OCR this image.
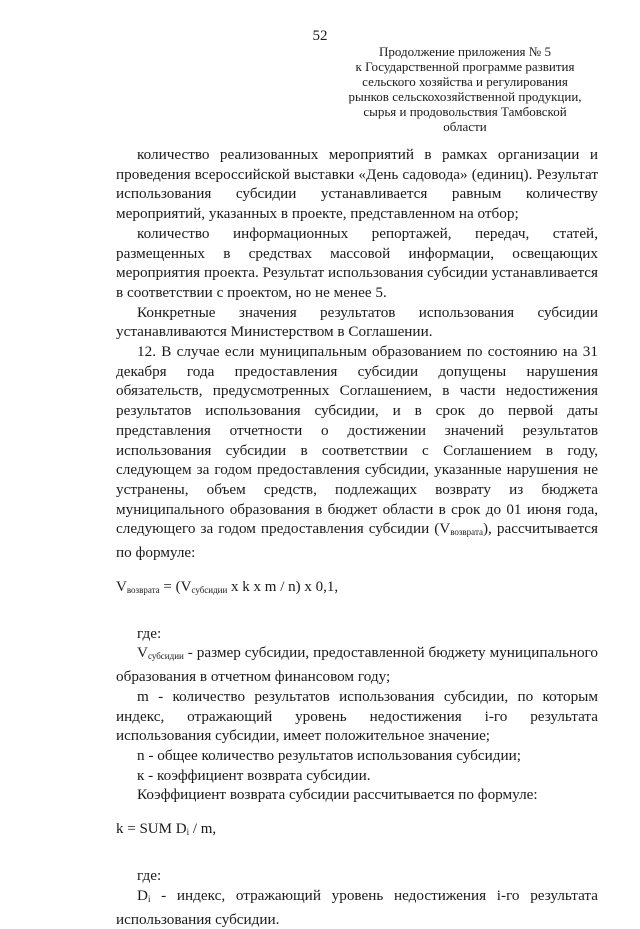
52
Продолжение приложения № 5
к Государственной программе развития
сельского хозяйства и регулирования
рынков сельскохозяйственной продукции,
сырья и продовольствия Тамбовской
области

количество реализованных мероприятий в рамках организации и проведения всероссийской выставки «День садовода» (единиц). Результат использования субсидии устанавливается равным количеству мероприятий, указанных в проекте, представленном на отбор;

количество информационных репортажей, передач, статей, размещенных в средствах массовой информации, освещающих мероприятия проекта. Результат использования субсидии устанавливается в соответствии с проектом, но не менее 5.

Конкретные значения результатов использования субсидии устанавливаются Министерством в Соглашении.

12. В случае если муниципальным образованием по состоянию на 31 декабря года предоставления субсидии допущены нарушения обязательств, предусмотренных Соглашением, в части недостижения результатов использования субсидии, и в срок до первой даты представления отчетности о достижении значений результатов использования субсидии в соответствии с Соглашением в году, следующем за годом предоставления субсидии, указанные нарушения не устранены, объем средств, подлежащих возврату из бюджета муниципального образования в бюджет области в срок до 01 июня года, следующего за годом предоставления субсидии $(V_{возврата})$, рассчитывается по формуле:

$V_{возврата} = (V_{субсидии}$ x k x m / n) x 0,1,

где:

$V_{субсидии}$ - размер субсидии, предоставленной бюджету муниципального образования в отчетном финансовом году;

m - количество результатов использования субсидии, по которым индекс, отражающий уровень недостижения i-го результата использования субсидии, имеет положительное значение;

n - общее количество результатов использования субсидии;

к - коэффициент возврата субсидии.

Коэффициент возврата субсидии рассчитывается по формуле:

k = SUM $D_i$ / m,

где:

$D_i$ - индекс, отражающий уровень недостижения i-го результата использования субсидии.
